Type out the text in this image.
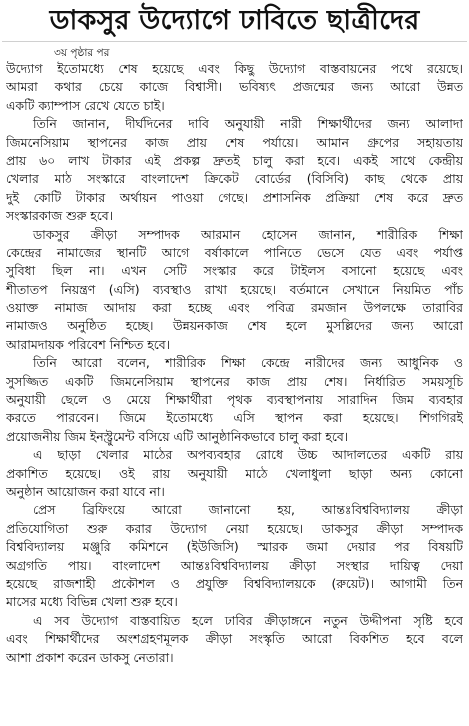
ডাকসুর উদ্যোগে ঢাবিতে ছাত্রীদের
৩য় পৃষ্ঠার পর
উদ্যোগ ইতোমধ্যে শেষ হয়েছে এবং কিছু উদ্যোগ বাস্তবায়নের পথে রয়েছে।
আমরা কথার চেয়ে কাজে বিশ্বাসী। ভবিষ্যৎ প্রজন্মের জন্য আরো উন্নত
একটি ক্যাম্পাস রেখে যেতে চাই।
তিনি জানান, দীর্ঘদিনের দাবি অনুযায়ী নারী শিক্ষার্থীদের জন্য আলাদা
জিমনেসিয়াম স্থাপনের কাজ প্রায় শেষ পর্যায়ে। আমান গ্রুপের সহায়তায়
প্রায় ৬০ লাখ টাকার এই প্রকল্প দ্রুতই চালু করা হবে। একই সাথে কেন্দ্রীয়
খেলার মাঠ সংস্কারে বাংলাদেশ ক্রিকেট বোর্ডের (বিসিবি) কাছ থেকে প্রায়
দুই কোটি টাকার অর্থায়ন পাওয়া গেছে। প্রশাসনিক প্রক্রিয়া শেষ করে দ্রুত
সংস্কারকাজ শুরু হবে।
ডাকসুর ক্রীড়া সম্পাদক আরমান হোসেন জানান, শারীরিক শিক্ষা
কেন্দ্রের নামাজের স্থানটি আগে বর্ষাকালে পানিতে ভেসে যেত এবং পর্যাপ্ত
সুবিধা ছিল না। এখন সেটি সংস্কার করে টাইলস বসানো হয়েছে এবং
শীতাতপ নিয়ন্ত্রণ (এসি) ব্যবস্থাও রাখা হয়েছে। বর্তমানে সেখানে নিয়মিত পাঁচ
ওয়াক্ত নামাজ আদায় করা হচ্ছে এবং পবিত্র রমজান উপলক্ষে তারাবির
নামাজও অনুষ্ঠিত হচ্ছে। উন্নয়নকাজ শেষ হলে মুসল্লিদের জন্য আরো
আরামদায়ক পরিবেশ নিশ্চিত হবে।
তিনি আরো বলেন, শারীরিক শিক্ষা কেন্দ্রে নারীদের জন্য আধুনিক ও
সুসজ্জিত একটি জিমনেসিয়াম স্থাপনের কাজ প্রায় শেষ। নির্ধারিত সময়সূচি
অনুযায়ী ছেলে ও মেয়ে শিক্ষার্থীরা পৃথক ব্যবস্থাপনায় সারাদিন জিম ব্যবহার
করতে পারবেন। জিমে ইতোমধ্যে এসি স্থাপন করা হয়েছে। শিগগিরই
প্রয়োজনীয় জিম ইনস্ট্রুমেন্ট বসিয়ে এটি আনুষ্ঠানিকভাবে চালু করা হবে।
এ ছাড়া খেলার মাঠের অপব্যবহার রোধে উচ্চ আদালতের একটি রায়
প্রকাশিত হয়েছে। ওই রায় অনুযায়ী মাঠে খেলাধুলা ছাড়া অন্য কোনো
অনুষ্ঠান আয়োজন করা যাবে না।
প্রেস ব্রিফিংয়ে আরো জানানো হয়, আন্তঃবিশ্ববিদ্যালয় ক্রীড়া
প্রতিযোগিতা শুরু করার উদ্যোগ নেয়া হয়েছে। ডাকসুর ক্রীড়া সম্পাদক
বিশ্ববিদ্যালয় মঞ্জুরি কমিশনে (ইউজিসি) স্মারক জমা দেয়ার পর বিষয়টি
অগ্রগতি পায়। বাংলাদেশ আন্তঃবিশ্ববিদ্যালয় ক্রীড়া সংস্থার দায়িত্ব দেয়া
হয়েছে রাজশাহী প্রকৌশল ও প্রযুক্তি বিশ্ববিদ্যালয়কে (রুয়েট)। আগামী তিন
মাসের মধ্যে বিভিন্ন খেলা শুরু হবে।
এ সব উদ্যোগ বাস্তবায়িত হলে ঢাবির ক্রীড়াঙ্গনে নতুন উদ্দীপনা সৃষ্টি হবে
এবং শিক্ষার্থীদের অংশগ্রহণমূলক ক্রীড়া সংস্কৃতি আরো বিকশিত হবে বলে
আশা প্রকাশ করেন ডাকসু নেতারা।
